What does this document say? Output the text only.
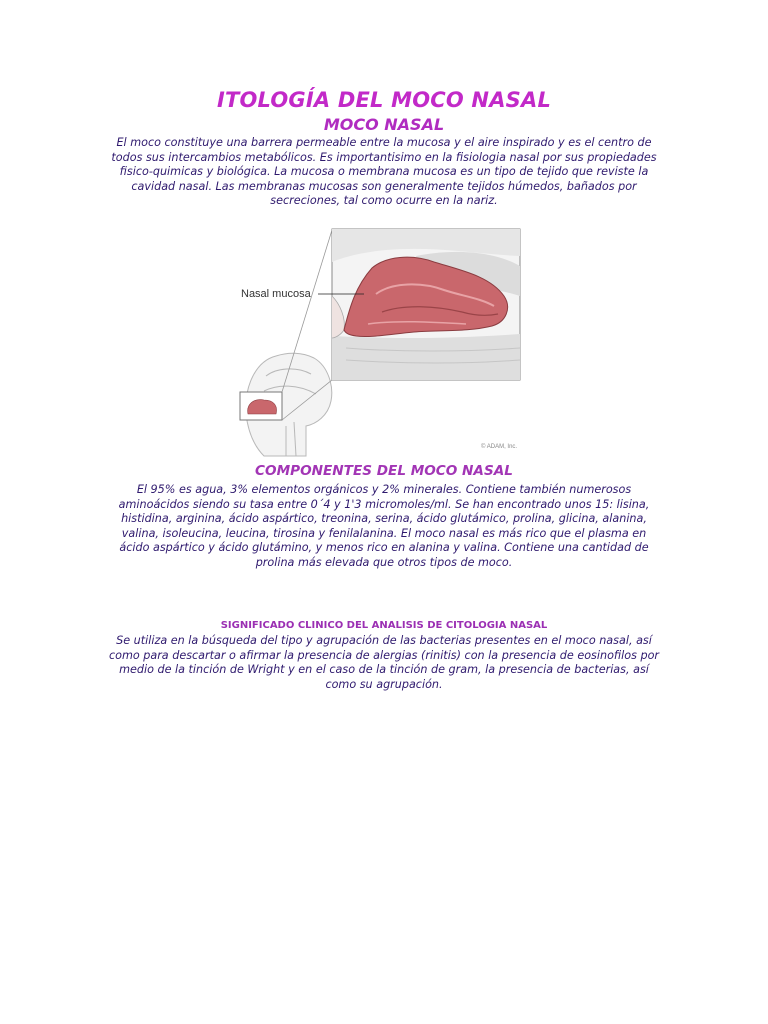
ITOLOGÍA DEL MOCO NASAL
MOCO NASAL

El moco constituye una barrera permeable entre la mucosa y el aire inspirado y es el centro de todos sus intercambios metabólicos. Es importantisimo en la fisiologia nasal por sus propiedades fisico-quimicas y biológica. La mucosa o membrana mucosa es un tipo de tejido que reviste la cavidad nasal. Las membranas mucosas son generalmente tejidos húmedos, bañados por secreciones, tal como ocurre en la nariz.

Nasal mucosa
© ADAM, Inc.
COMPONENTES DEL MOCO NASAL

El 95% es agua, 3% elementos orgánicos y 2% minerales. Contiene también numerosos aminoácidos siendo su tasa entre 0´4 y 1'3 micromoles/ml. Se han encontrado unos 15: lisina, histidina, arginina, ácido aspártico, treonina, serina, ácido glutámico, prolina, glicina, alanina, valina, isoleucina, leucina, tirosina y fenilalanina. El moco nasal es más rico que el plasma en ácido aspártico y ácido glutámino, y menos rico en alanina y valina. Contiene una cantidad de prolina más elevada que otros tipos de moco.

SIGNIFICADO CLINICO DEL ANALISIS DE CITOLOGIA NASAL

Se utiliza en la búsqueda del tipo y agrupación de las bacterias presentes en el moco nasal, así como para descartar o afirmar la presencia de alergias (rinitis) con la presencia de eosinofilos por medio de la tinción de Wright y en el caso de la tinción de gram, la presencia de bacterias, así como su agrupación.
